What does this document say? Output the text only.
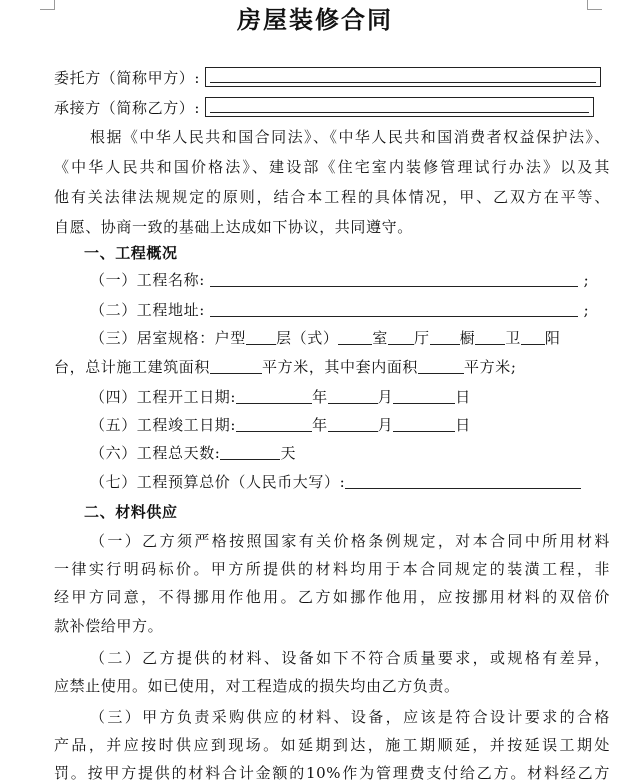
房屋装修合同
委托方（简称甲方）:
承接方（简称乙方）:
根据《中华人民共和国合同法》、《中华人民共和国消费者权益保护法》、
《中华人民共和国价格法》、建设部《住宅室内装修管理试行办法》以及其
他有关法律法规规定的原则，结合本工程的具体情况，甲、乙双方在平等、
自愿、协商一致的基础上达成如下协议，共同遵守。
一、工程概况
（一）工程名称:	;
（二）工程地址:	;
（三）居室规格：户型 层（式） 室 厅 橱 卫 阳
台，总计施工建筑面积	平方米，其中套内面积	平方米;
（四）工程开工日期:	年	月	日
（五）工程竣工日期:	年	月	日
（六）工程总天数:	天
（七）工程预算总价（人民币大写）:
二、材料供应
（一）乙方须严格按照国家有关价格条例规定，对本合同中所用材料
一律实行明码标价。甲方所提供的材料均用于本合同规定的装潢工程，非
经甲方同意，不得挪用作他用。乙方如挪作他用，应按挪用材料的双倍价
款补偿给甲方。
（二）乙方提供的材料、设备如下不符合质量要求，或规格有差异，
应禁止使用。如已使用，对工程造成的损失均由乙方负责。
（三）甲方负责采购供应的材料、设备，应该是符合设计要求的合格
产品，并应按时供应到现场。如延期到达，施工期顺延，并按延误工期处
罚。按甲方提供的材料合计金额的10%作为管理费支付给乙方。材料经乙方
